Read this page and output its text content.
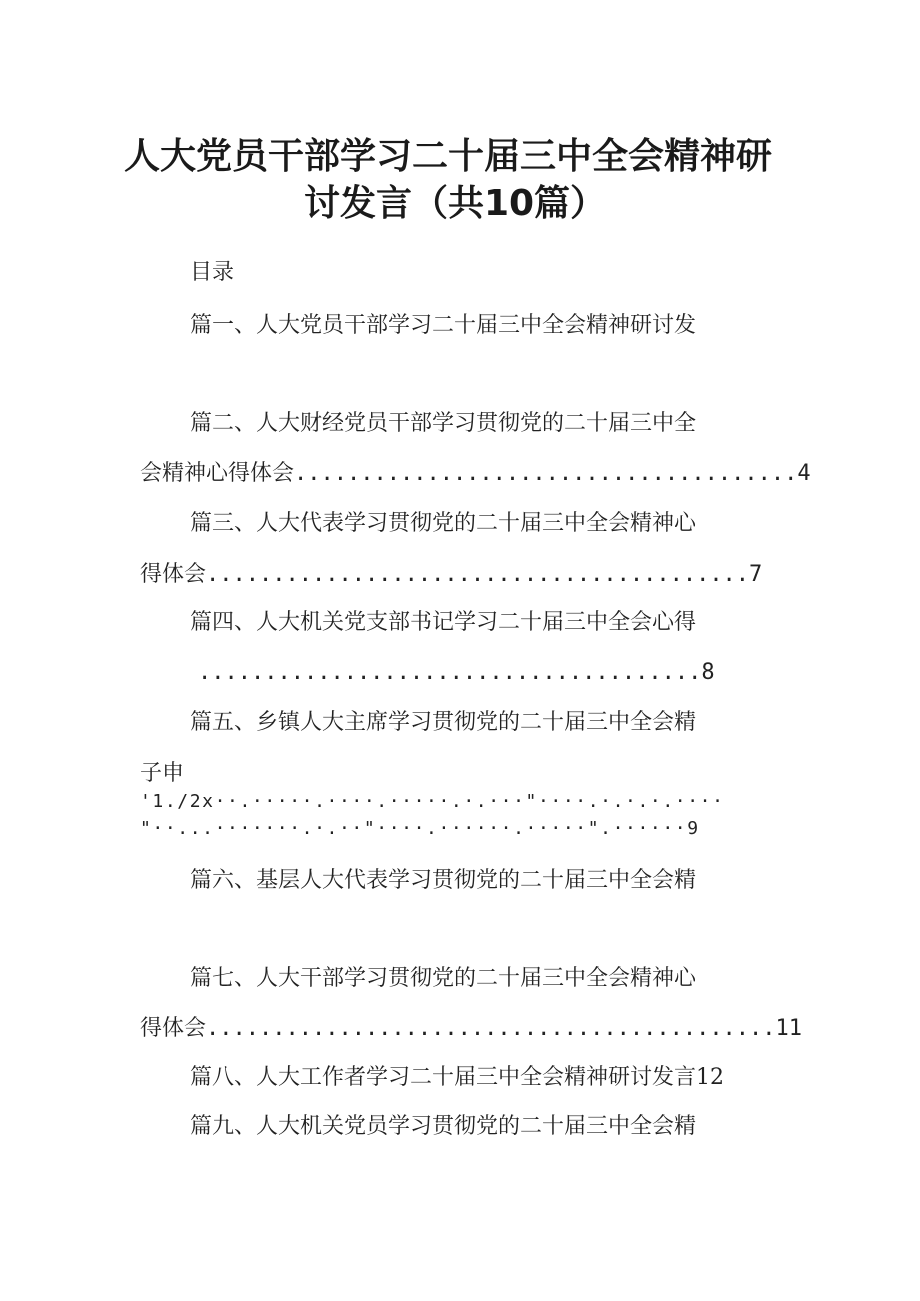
人大党员干部学习二十届三中全会精神研
讨发言（共10篇）
目录
篇一、人大党员干部学习二十届三中全会精神研讨发
篇二、人大财经党员干部学习贯彻党的二十届三中全
会精神心得体会......................................4
篇三、人大代表学习贯彻党的二十届三中全会精神心
得体会.........................................7
篇四、人大机关党支部书记学习二十届三中全会心得
......................................8
篇五、乡镇人大主席学习贯彻党的二十届三中全会精
子申
'1./2x··.·····.····.·····.·.···"····.·.·.·.····
"··...·······.·.··"····.······.·····".······9
篇六、基层人大代表学习贯彻党的二十届三中全会精
篇七、人大干部学习贯彻党的二十届三中全会精神心
得体会...........................................11
篇八、人大工作者学习二十届三中全会精神研讨发言12
篇九、人大机关党员学习贯彻党的二十届三中全会精
